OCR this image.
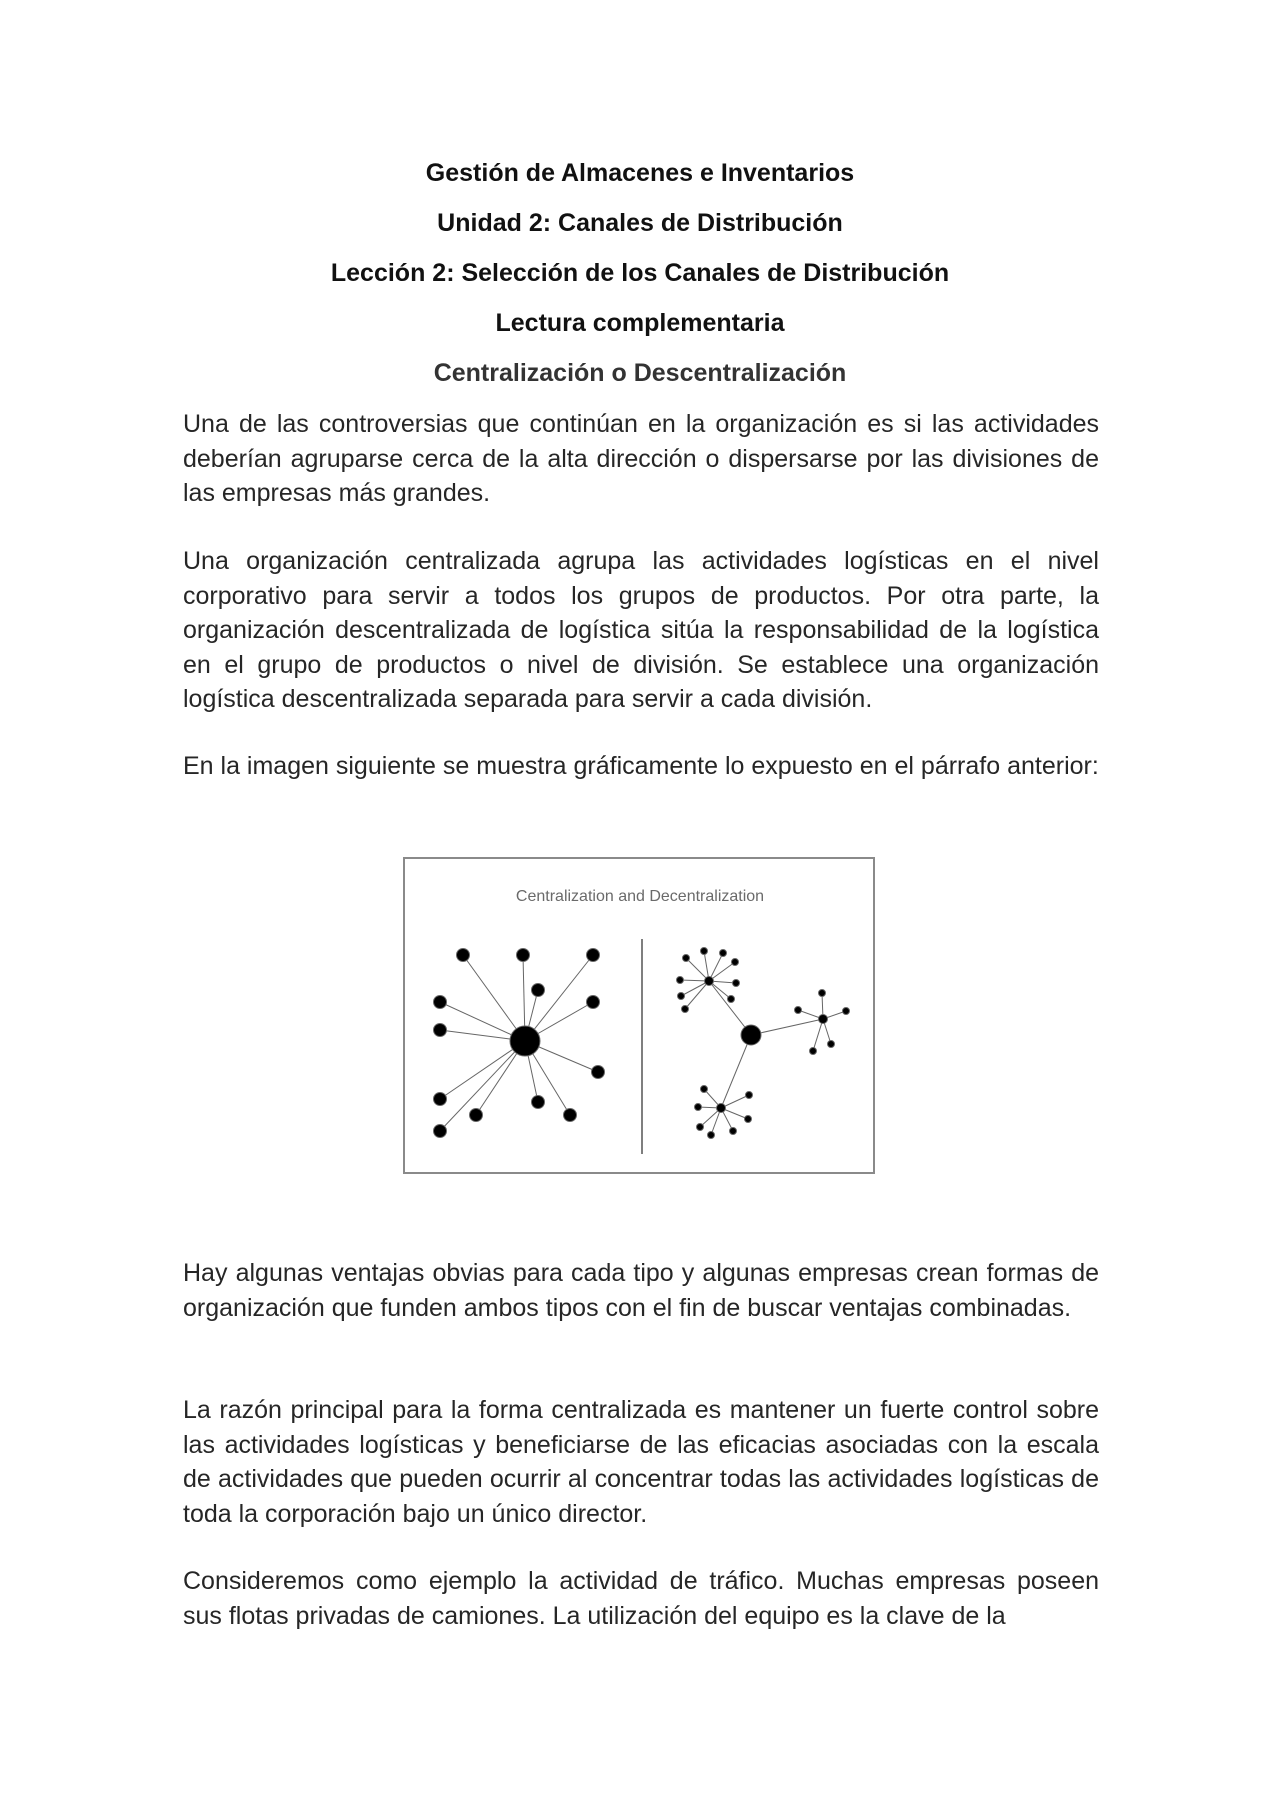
Gestión de Almacenes e Inventarios
Unidad 2: Canales de Distribución
Lección 2: Selección de los Canales de Distribución
Lectura complementaria
Centralización o Descentralización

Una de las controversias que continúan en la organización es si las actividades deberían agruparse cerca de la alta dirección o dispersarse por las divisiones de las empresas más grandes.

Una organización centralizada agrupa las actividades logísticas en el nivel corporativo para servir a todos los grupos de productos. Por otra parte, la organización descentralizada de logística sitúa la responsabilidad de la logística en el grupo de productos o nivel de división. Se establece una organización logística descentralizada separada para servir a cada división.

En la imagen siguiente se muestra gráficamente lo expuesto en el párrafo anterior:

Centralization and Decentralization

Hay algunas ventajas obvias para cada tipo y algunas empresas crean formas de organización que funden ambos tipos con el fin de buscar ventajas combinadas.

La razón principal para la forma centralizada es mantener un fuerte control sobre las actividades logísticas y beneficiarse de las eficacias asociadas con la escala de actividades que pueden ocurrir al concentrar todas las actividades logísticas de toda la corporación bajo un único director.

Consideremos como ejemplo la actividad de tráfico. Muchas empresas poseen sus flotas privadas de camiones. La utilización del equipo es la clave de la
